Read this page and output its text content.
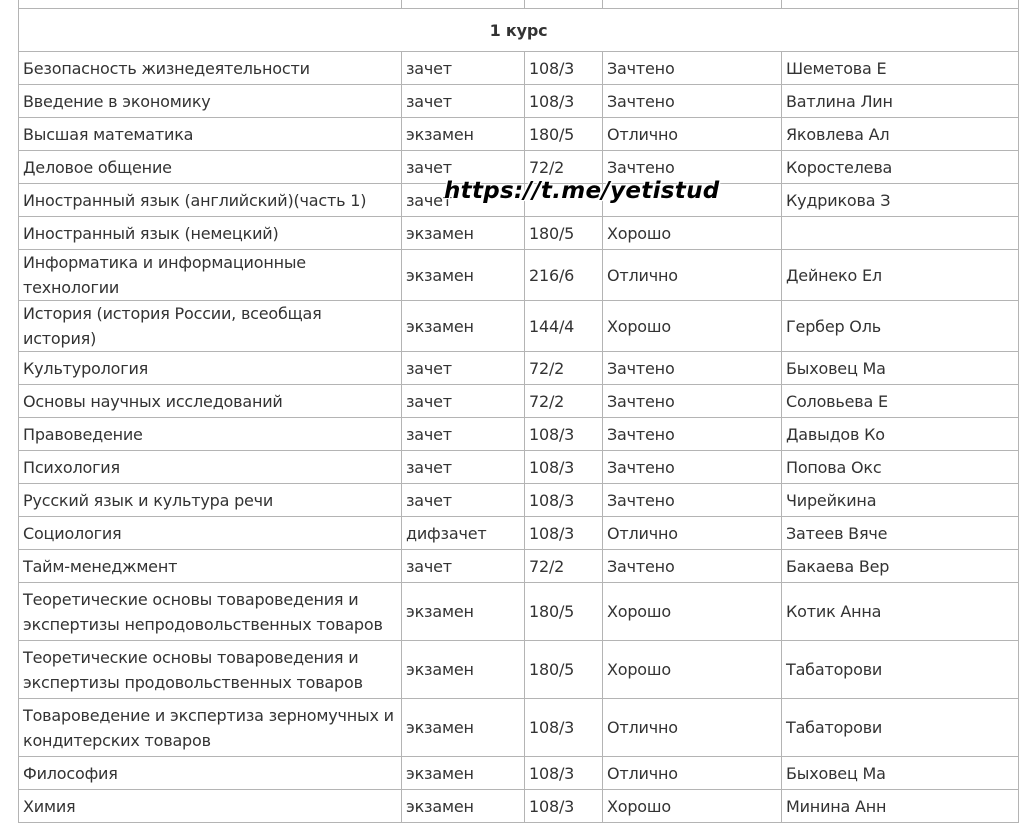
1 курс				
Безопасность жизнедеятельности	зачет	108/3	Зачтено	Шеметова Е
Введение в экономику	зачет	108/3	Зачтено	Ватлина Лин
Высшая математика	экзамен	180/5	Отлично	Яковлева Ал
Деловое общение	зачет	72/2	Зачтено	Коростелева
Иностранный язык (английский)(часть 1)	зачет			Кудрикова З
Иностранный язык (немецкий)	экзамен	180/5	Хорошо	
Информатика и информационные технологии	экзамен	216/6	Отлично	Дейнеко Ел
История (история России, всеобщая история)	экзамен	144/4	Хорошо	Гербер Оль
Культурология	зачет	72/2	Зачтено	Быховец Ма
Основы научных исследований	зачет	72/2	Зачтено	Соловьева Е
Правоведение	зачет	108/3	Зачтено	Давыдов Ко
Психология	зачет	108/3	Зачтено	Попова Окс
Русский язык и культура речи	зачет	108/3	Зачтено	Чирейкина
Социология	дифзачет	108/3	Отлично	Затеев Вяче
Тайм-менеджмент	зачет	72/2	Зачтено	Бакаева Вер
Теоретические основы товароведения и экспертизы непродовольственных товаров	экзамен	180/5	Хорошо	Котик Анна
Теоретические основы товароведения и экспертизы продовольственных товаров	экзамен	180/5	Хорошо	Табаторови
Товароведение и экспертиза зерномучных и кондитерских товаров	экзамен	108/3	Отлично	Табаторови
Философия	экзамен	108/3	Отлично	Быховец Ма
Химия	экзамен	108/3	Хорошо	Минина Анн
https://t.me/yetistud
